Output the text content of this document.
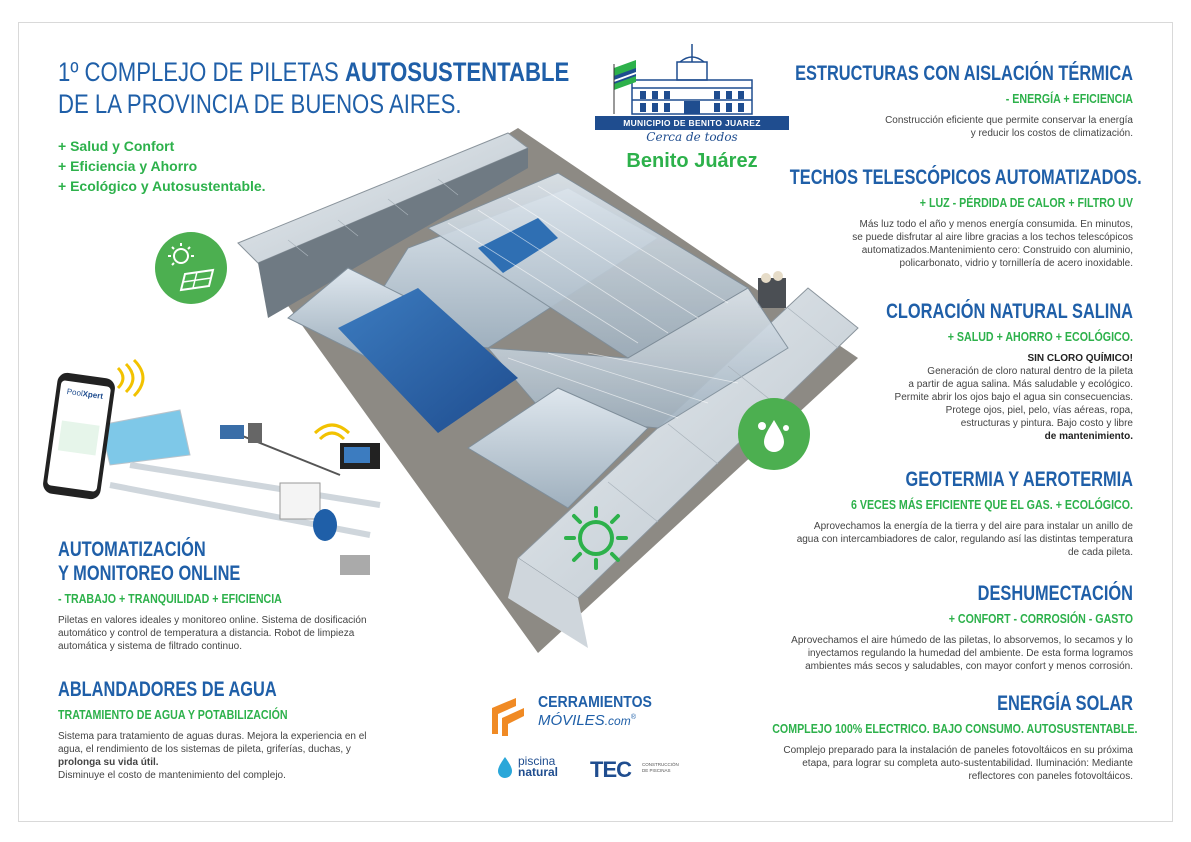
1º COMPLEJO DE PILETAS AUTOSUSTENTABLE
DE LA PROVINCIA DE BUENOS AIRES.
+ Salud y Confort
+ Eficiencia y Ahorro
+ Ecológico y Autosustentable.
MUNICIPIO DE BENITO JUAREZ
Cerca de todos
Benito Juárez
PoolXpert
ESTRUCTURAS CON AISLACIÓN TÉRMICA
- ENERGÍA + EFICIENCIA

Construcción eficiente que permite conservar la energía
y reducir los costos de climatización.

TECHOS TELESCÓPICOS AUTOMATIZADOS.
+ LUZ - PÉRDIDA DE CALOR + FILTRO UV

Más luz todo el año y menos energía consumida. En minutos,
se puede disfrutar al aire libre gracias a los techos telescópicos
automatizados.Mantenimiento cero: Construido con aluminio,
policarbonato, vidrio y tornillería de acero inoxidable.

CLORACIÓN NATURAL SALINA
+ SALUD + AHORRO + ECOLÓGICO.

SIN CLORO QUÍMICO!
Generación de cloro natural dentro de la pileta
a partir de agua salina. Más saludable y ecológico.
Permite abrir los ojos bajo el agua sin consecuencias.
Protege ojos, piel, pelo, vías aéreas, ropa,
estructuras y pintura. Bajo costo y libre
de mantenimiento.

GEOTERMIA Y AEROTERMIA
6 VECES MÁS EFICIENTE QUE EL GAS. + ECOLÓGICO.

Aprovechamos la energía de la tierra y del aire para instalar un anillo de
agua con intercambiadores de calor, regulando así las distintas temperatura
de cada pileta.

DESHUMECTACIÓN
+ CONFORT - CORROSIÓN - GASTO

Aprovechamos el aire húmedo de las piletas, lo absorvemos, lo secamos y lo
inyectamos regulando la humedad del ambiente. De esta forma logramos
ambientes más secos y saludables, con mayor confort y menos corrosión.

ENERGÍA SOLAR
COMPLEJO 100% ELECTRICO. BAJO CONSUMO. AUTOSUSTENTABLE.

Complejo preparado para la instalación de paneles fotovoltáicos en su próxima
etapa, para lograr su completa auto-sustentabilidad. Iluminación: Mediante
reflectores con paneles fotovoltáicos.

AUTOMATIZACIÓN
Y MONITOREO ONLINE
- TRABAJO + TRANQUILIDAD + EFICIENCIA

Piletas en valores ideales y monitoreo online. Sistema de dosificación
automático y control de temperatura a distancia. Robot de limpieza
automática y sistema de filtrado continuo.

ABLANDADORES DE AGUA
TRATAMIENTO DE AGUA Y POTABILIZACIÓN

Sistema para tratamiento de aguas duras. Mejora la experiencia en el
agua, el rendimiento de los sistemas de pileta, griferías, duchas, y
prolonga su vida útil.
Disminuye el costo de mantenimiento del complejo.

CERRAMIENTOS
MÓVILES.com®
piscina
natural TEC CONSTRUCCIÓN
DE PISCINAS
